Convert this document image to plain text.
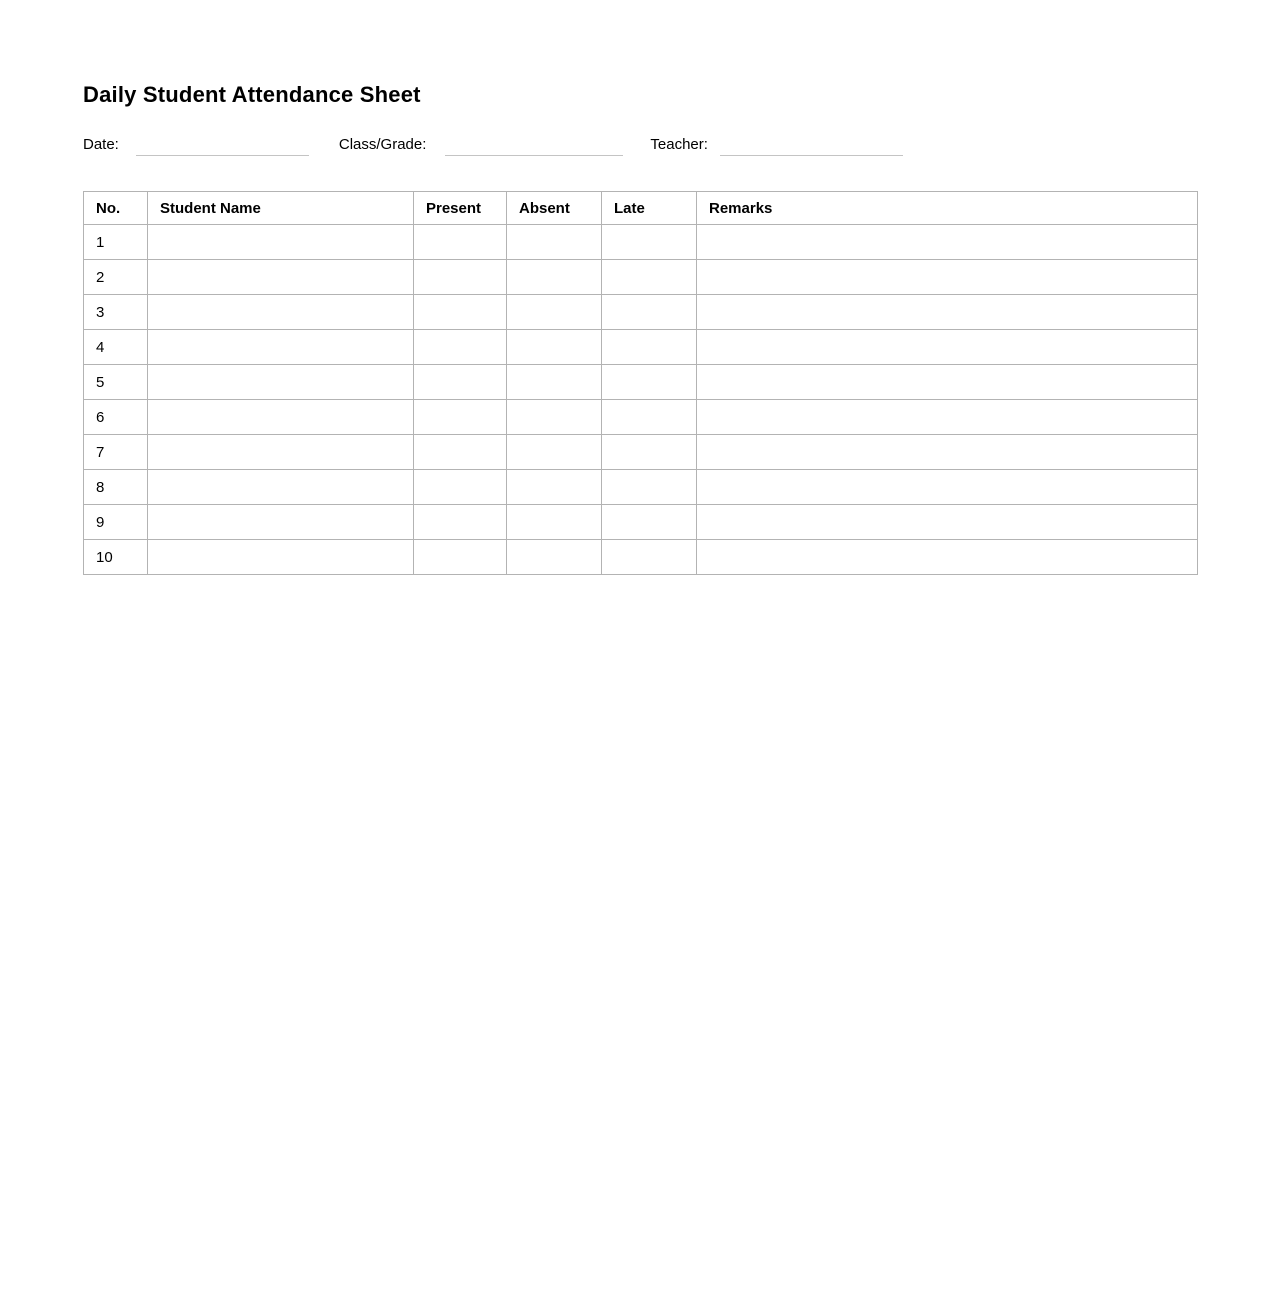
Daily Student Attendance Sheet
Date:	Class/Grade:	Teacher:
No.	Student Name	Present	Absent	Late	Remarks
1					
2					
3					
4					
5					
6					
7					
8					
9					
10					
